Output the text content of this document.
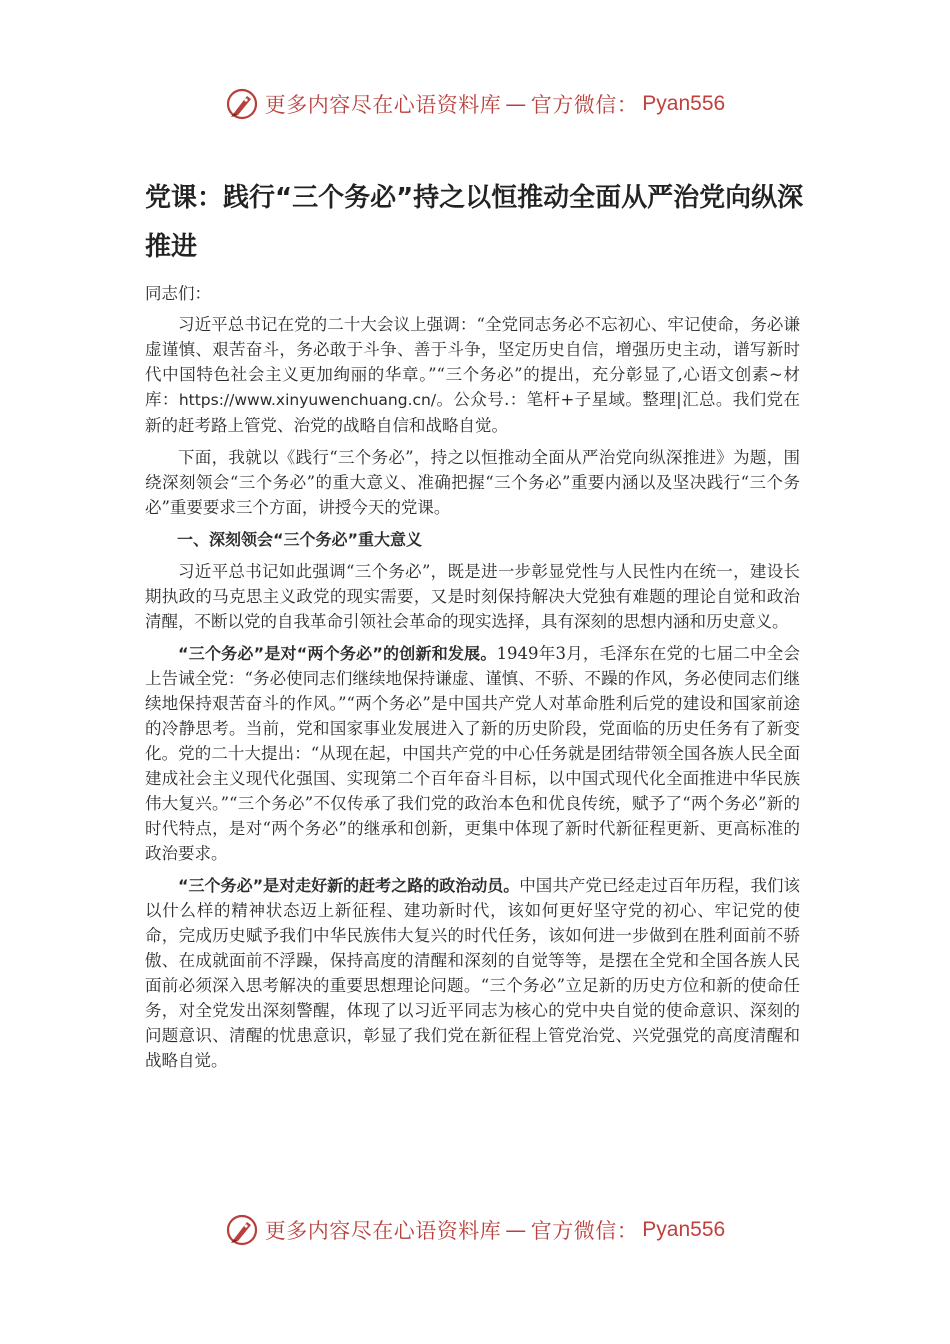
更多内容尽在心语资料库 — 官方微信： Pyan556
党课：践行“三个务必”持之以恒推动全面从严治党向纵深推进

同志们：

习近平总书记在党的二十大会议上强调：“全党同志务必不忘初心、牢记使命，务必谦虚谨慎、艰苦奋斗，务必敢于斗争、善于斗争，坚定历史自信，增强历史主动，谱写新时代中国特色社会主义更加绚丽的华章。”“三个务必”的提出，充分彰显了,心语文创素~材库：https://www.xinyuwenchuang.cn/。公众号.：笔杆+子星域。整理|汇总。我们党在新的赶考路上管党、治党的战略自信和战略自觉。

下面，我就以《践行“三个务必”，持之以恒推动全面从严治党向纵深推进》为题，围绕深刻领会“三个务必”的重大意义、准确把握“三个务必”重要内涵以及坚决践行“三个务必”重要要求三个方面，讲授今天的党课。

一、深刻领会“三个务必”重大意义

习近平总书记如此强调“三个务必”，既是进一步彰显党性与人民性内在统一，建设长期执政的马克思主义政党的现实需要，又是时刻保持解决大党独有难题的理论自觉和政治清醒，不断以党的自我革命引领社会革命的现实选择，具有深刻的思想内涵和历史意义。

“三个务必”是对“两个务必”的创新和发展。1949年3月，毛泽东在党的七届二中全会上告诫全党：“务必使同志们继续地保持谦虚、谨慎、不骄、不躁的作风，务必使同志们继续地保持艰苦奋斗的作风。”“两个务必”是中国共产党人对革命胜利后党的建设和国家前途的冷静思考。当前，党和国家事业发展进入了新的历史阶段，党面临的历史任务有了新变化。党的二十大提出：“从现在起，中国共产党的中心任务就是团结带领全国各族人民全面建成社会主义现代化强国、实现第二个百年奋斗目标，以中国式现代化全面推进中华民族伟大复兴。”“三个务必”不仅传承了我们党的政治本色和优良传统，赋予了“两个务必”新的时代特点，是对“两个务必”的继承和创新，更集中体现了新时代新征程更新、更高标准的政治要求。

“三个务必”是对走好新的赶考之路的政治动员。中国共产党已经走过百年历程，我们该以什么样的精神状态迈上新征程、建功新时代，该如何更好坚守党的初心、牢记党的使命，完成历史赋予我们中华民族伟大复兴的时代任务，该如何进一步做到在胜利面前不骄傲、在成就面前不浮躁，保持高度的清醒和深刻的自觉等等，是摆在全党和全国各族人民面前必须深入思考解决的重要思想理论问题。“三个务必”立足新的历史方位和新的使命任务，对全党发出深刻警醒，体现了以习近平同志为核心的党中央自觉的使命意识、深刻的问题意识、清醒的忧患意识，彰显了我们党在新征程上管党治党、兴党强党的高度清醒和战略自觉。

更多内容尽在心语资料库 — 官方微信： Pyan556
